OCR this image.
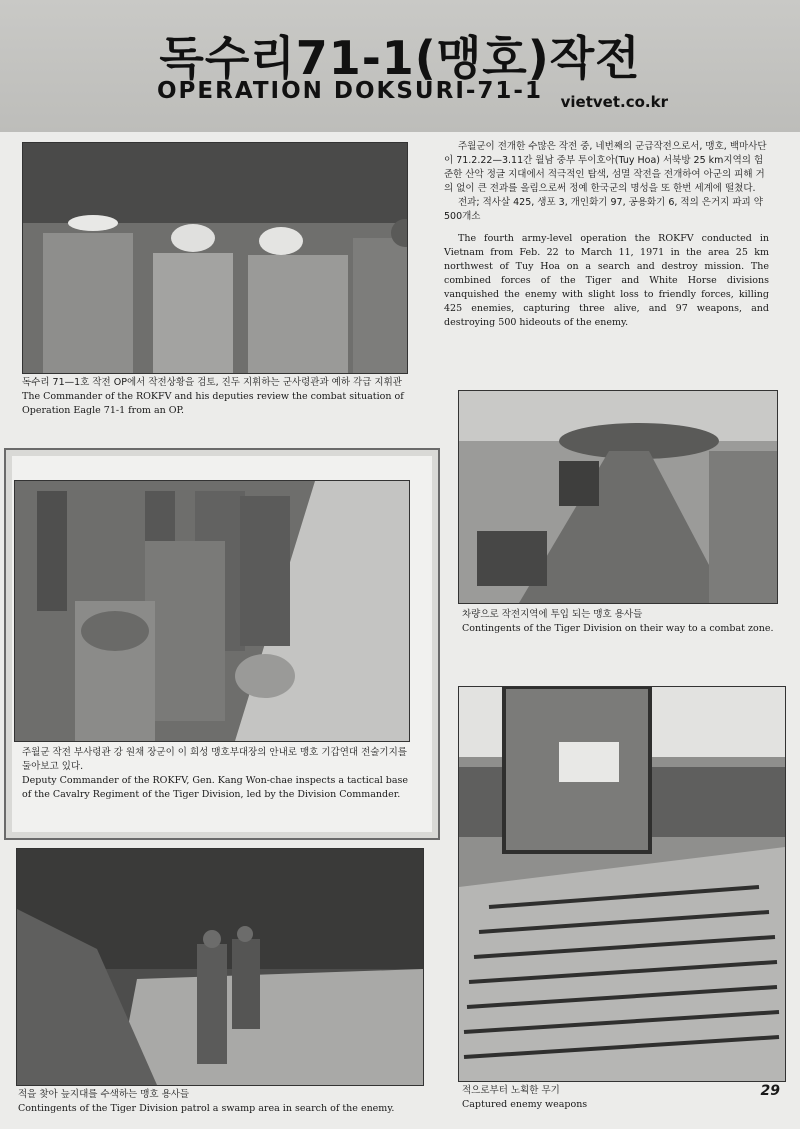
독수리71-1(맹호)작전
OPERATION DOKSURI-71-1	vietvet.co.kr
독수리 71—1호 작전 OP에서 작전상황을 검토, 진두 지휘하는 군사령관과 예하 각급 지휘관
The Commander of the ROKFV and his deputies review the combat situation of Operation Eagle 71-1 from an OP.

주월군이 전개한 수많은 작전 중, 네번째의 군급작전으로서, 맹호, 백마사단이 71.2.22—3.11간 월남 중부 투이호아(Tuy Hoa) 서북방 25 km지역의 험준한 산악 정글 지대에서 적극적인 탐색, 섬멸 작전을 전개하여 아군의 피해 거의 없이 큰 전과를 올림으로써 정예 한국군의 명성을 또 한번 세계에 떨쳤다.

전과; 적사살 425, 생포 3, 개인화기 97, 공용화기 6, 적의 은거지 파괴 약 500개소

The fourth army-level operation the ROKFV conducted in Vietnam from Feb. 22 to March 11, 1971 in the area 25 km northwest of Tuy Hoa on a search and destroy mission. The combined forces of the Tiger and White Horse divisions vanquished the enemy with slight loss to friendly forces, killing 425 enemies, capturing three alive, and 97 weapons, and destroying 500 hideouts of the enemy.

차량으로 작전지역에 투입 되는 맹호 용사들
Contingents of the Tiger Division on their way to a combat zone.
주월군 작전 부사령관 강 원채 장군이 이 희성 맹호부대장의 안내로 맹호 기갑연대 전술기지를 둘아보고 있다.
Deputy Commander of the ROKFV, Gen. Kang Won-chae inspects a tactical base of the Cavalry Regiment of the Tiger Division, led by the Division Commander.
적으로부터 노획한 무기
Captured enemy weapons
적을 찾아 늪지대를 수색하는 맹호 용사들
Contingents of the Tiger Division patrol a swamp area in search of the enemy.
29
